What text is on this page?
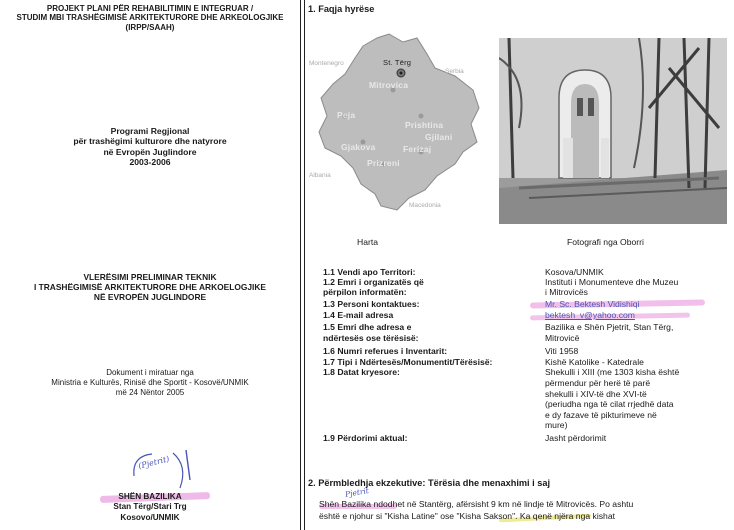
PROJEKT PLANI PËR REHABILITIMIN E INTEGRUAR /
STUDIM MBI TRASHËGIMISË ARKITEKTURORE DHE ARKEOLOGJIKE
(IRPP/SAAH)
Programi Regjional
për trashëgimi kulturore dhe natyrore
në Evropën Juglindore
2003-2006
VLERËSIMI PRELIMINAR TEKNIK
I TRASHËGIMISË ARKITEKTURORE DHE ARKOELOGJIKE
NË EVROPËN JUGLINDORE
Dokument i miratuar nga
Ministria e Kulturës, Rinisë dhe Sportit - Kosovë/UNMIK
më 24 Nëntor 2005
(Pjetrit)
SHËN BAZILIKA
Stan Tërg/Stari Trg
Kosovo/UNMIK
1. Faqja hyrëse
St. Tërg
Mitrovica
Peja
Prishtina
Gjilani
Gjakova	Ferizaj
Prizreni
Montenegro
Serbia
Albania
Macedonia
Harta	Fotografi nga Oborri
1.1 Vendi apo Territori:	Kosova/UNMIK
1.2 Emri i organizatës që	Instituti i Monumenteve dhe Muzeu
përpilon informatën:	i Mitrovicës
1.3 Personi kontaktues:	Mr. Sc. Bektesh Vidishiqi
1.4 E-mail adresa	bektesh_v@yahoo.com
1.5 Emri dhe adresa e	Bazilika e Shën Pjetrit, Stan Tërg,
ndërtesës ose tërësisë:	Mitrovicë
1.6 Numri referues i Inventarit:	Viti 1958
1.7 Tipi i Ndërtesës/Monumentit/Tërësisë:	Kishë Katolike - Katedrale
1.8 Datat kryesore:	Shekulli i XIII (me 1303 kisha është
përmendur për herë të parë
shekulli i XIV-të dhe XVI-të
(periudha nga të cilat rrjedhë data
e dy fazave të pikturimeve në
mure)
1.9 Përdorimi aktual:	Jasht përdorimit
2. Përmbledhja ekzekutive: Tërësia dhe menaxhimi i saj
Pjetrit
Shën Bazilika ndodhet në Stantërg, afërsisht 9 km në lindje të Mitrovicës. Po ashtu
është e njohur si "Kisha Latine" ose "Kisha Sakson". Ka qenë njëra nga kishat
